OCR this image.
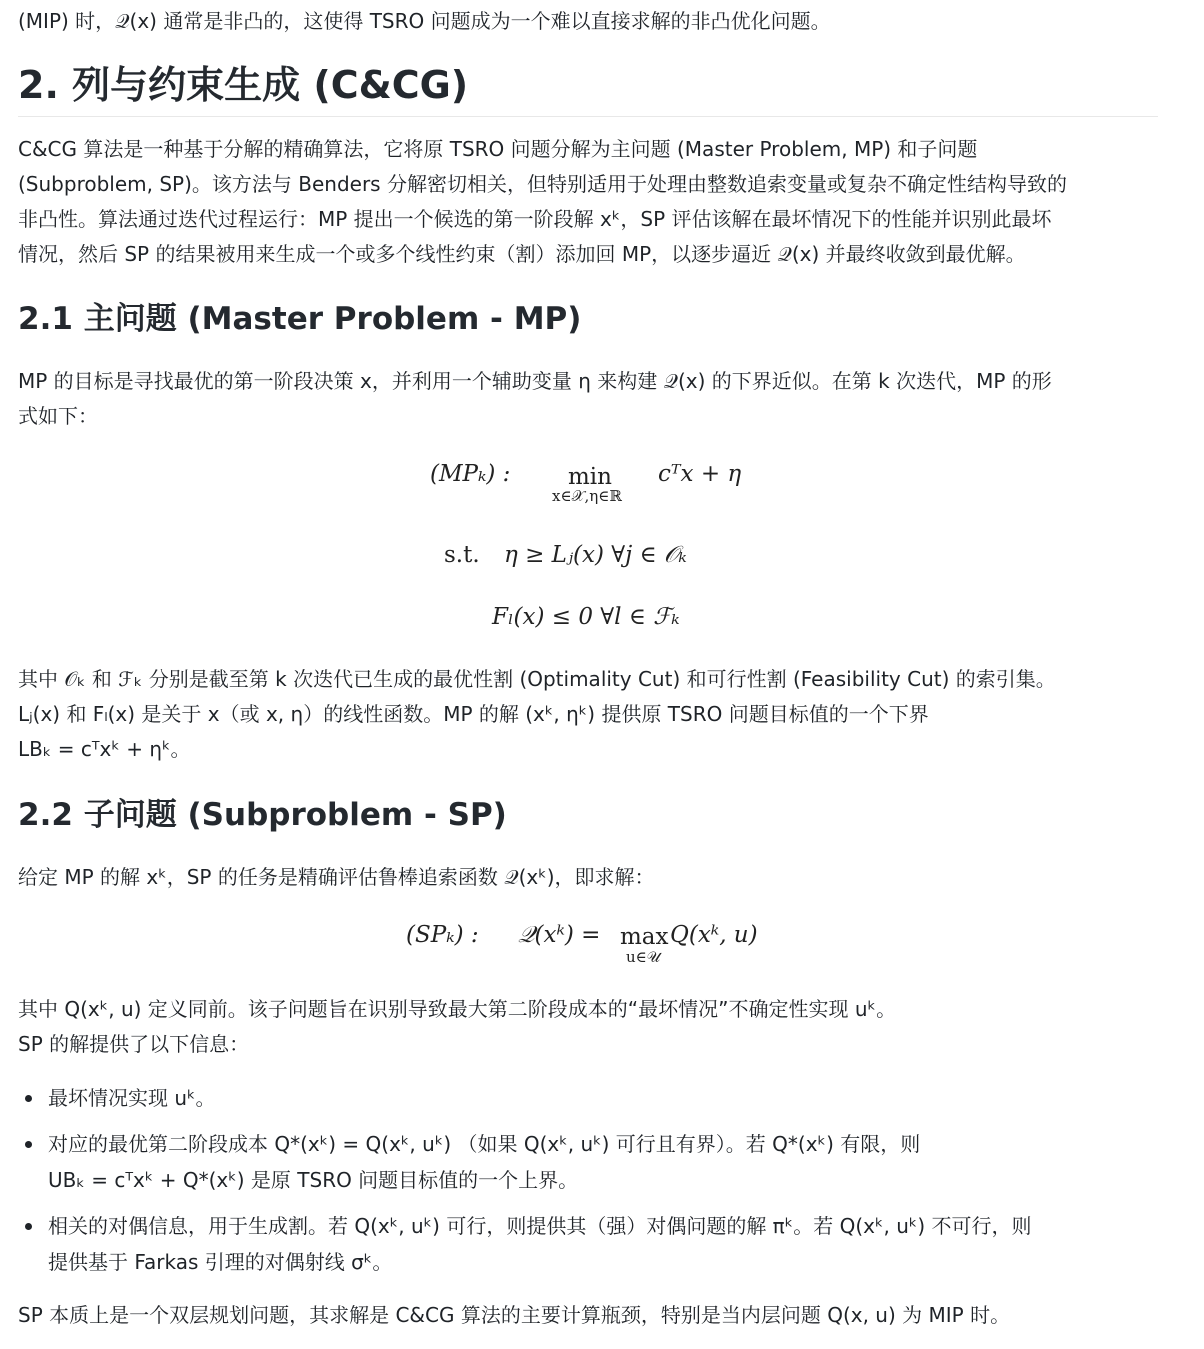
(MIP) 时，𝒬(x) 通常是非凸的，这使得 TSRO 问题成为一个难以直接求解的非凸优化问题。

2. 列与约束生成 (C&CG)

C&CG 算法是一种基于分解的精确算法，它将原 TSRO 问题分解为主问题 (Master Problem, MP) 和子问题

(Subproblem, SP)。该方法与 Benders 分解密切相关，但特别适用于处理由整数追索变量或复杂不确定性结构导致的

非凸性。算法通过迭代过程运行：MP 提出一个候选的第一阶段解 xᵏ，SP 评估该解在最坏情况下的性能并识别此最坏

情况，然后 SP 的结果被用来生成一个或多个线性约束（割）添加回 MP，以逐步逼近 𝒬(x) 并最终收敛到最优解。

2.1 主问题 (Master Problem - MP)

MP 的目标是寻找最优的第一阶段决策 x，并利用一个辅助变量 η 来构建 𝒬(x) 的下界近似。在第 k 次迭代，MP 的形

式如下：

(MPₖ) :	min
x∈𝒳,η∈ℝ
cᵀx + η
s.t. η ≥ Lⱼ(x) ∀j ∈ 𝒪ₖ
Fₗ(x) ≤ 0 ∀l ∈ ℱₖ

其中 𝒪ₖ 和 ℱₖ 分别是截至第 k 次迭代已生成的最优性割 (Optimality Cut) 和可行性割 (Feasibility Cut) 的索引集。

Lⱼ(x) 和 Fₗ(x) 是关于 x（或 x, η）的线性函数。MP 的解 (xᵏ, ηᵏ) 提供原 TSRO 问题目标值的一个下界

LBₖ = cᵀxᵏ + ηᵏ。

2.2 子问题 (Subproblem - SP)

给定 MP 的解 xᵏ，SP 的任务是精确评估鲁棒追索函数 𝒬(xᵏ)，即求解：

(SPₖ) : 𝒬(xᵏ) = max
u∈𝒰
Q(xᵏ, u)

其中 Q(xᵏ, u) 定义同前。该子问题旨在识别导致最大第二阶段成本的“最坏情况”不确定性实现 uᵏ。

SP 的解提供了以下信息：

最坏情况实现 uᵏ。
对应的最优第二阶段成本 Q*(xᵏ) = Q(xᵏ, uᵏ) （如果 Q(xᵏ, uᵏ) 可行且有界）。若 Q*(xᵏ) 有限，则
UBₖ = cᵀxᵏ + Q*(xᵏ) 是原 TSRO 问题目标值的一个上界。
相关的对偶信息，用于生成割。若 Q(xᵏ, uᵏ) 可行，则提供其（强）对偶问题的解 πᵏ。若 Q(xᵏ, uᵏ) 不可行，则
提供基于 Farkas 引理的对偶射线 σᵏ。

SP 本质上是一个双层规划问题，其求解是 C&CG 算法的主要计算瓶颈，特别是当内层问题 Q(x, u) 为 MIP 时。
